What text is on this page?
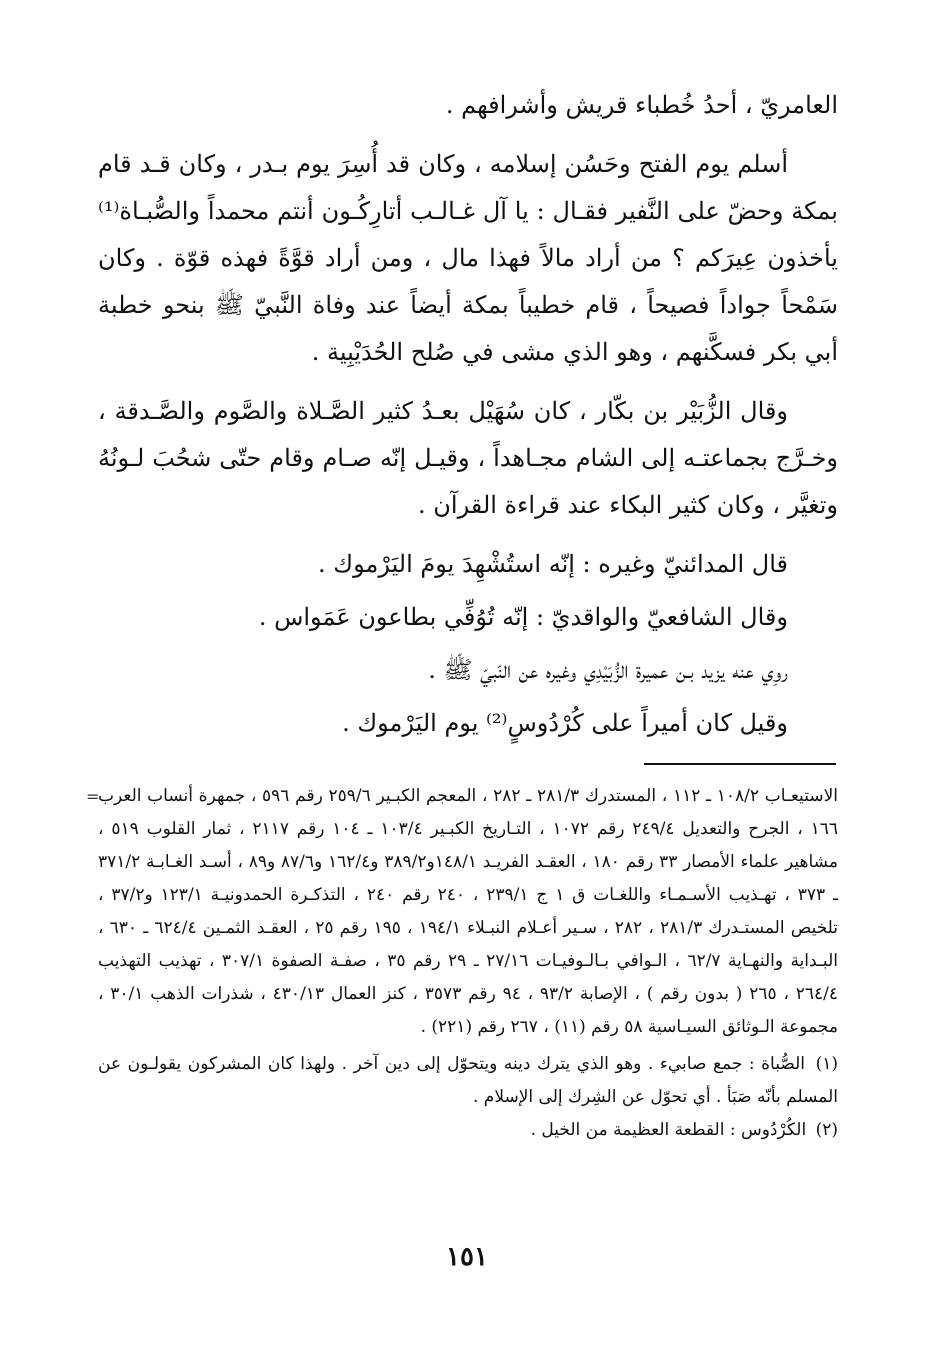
العامريّ ، أحدُ خُطباء قريش وأشرافهم .

أسلم يوم الفتح وحَسُن إسلامه ، وكان قد أُسِرَ يوم بـدر ، وكان قـد قام بمكة وحضّ على النَّفير فقـال : يا آل غـالـب أتارِكُـون أنتم محمداً والصُّبـاة⁽¹⁾ يأخذون عِيرَكم ؟ من أراد مالاً فهذا مال ، ومن أراد قوَّةً فهذه قوّة . وكان سَمْحاً جواداً فصيحاً ، قام خطيباً بمكة أيضاً عند وفاة النَّبيّ ﷺ بنحو خطبة أبي بكر فسكَّنهم ، وهو الذي مشى في صُلح الحُدَيْبِية .

وقال الزُّبَيْر بن بكّار ، كان سُهَيْل بعـدُ كثير الصَّـلاة والصَّوم والصَّـدقة ، وخـرَّج بجماعتـه إلى الشام مجـاهداً ، وقيـل إنّه صـام وقام حتّى شحُبَ لـونُهُ وتغيَّر ، وكان كثير البكاء عند قراءة القرآن .

قال المدائنيّ وغيره : إنّه استُشْهِدَ يومَ اليَرْموك .

وقال الشافعيّ والواقديّ : إنّه تُوُفِّي بطاعون عَمَواس .

روِي عنه يزيد بـن عميرة الزُّبَيْدِي وغيره عن النّبيّ ﷺ .

وقيل كان أميراً على كُرْدُوسٍ⁽²⁾ يوم اليَرْموك .

=

الاستيعـاب ١٠٨/٢ ـ ١١٢ ، المستدرك ٢٨١/٣ ـ ٢٨٢ ، المعجم الكبـير ٢٥٩/٦ رقم ٥٩٦ ، جمهرة أنساب العرب ١٦٦ ، الجرح والتعديل ٢٤٩/٤ رقم ١٠٧٢ ، التـاريخ الكبـير ١٠٣/٤ ـ ١٠٤ رقم ٢١١٧ ، ثمار القلوب ٥١٩ ، مشاهير علماء الأمصار ٣٣ رقم ١٨٠ ، العقـد الفريـد ١٤٨/١و٣٨٩/٢ و١٦٢/٤ و٨٧/٦ و٨٩ ، أسـد الغـابـة ٣٧١/٢ ـ ٣٧٣ ، تهـذيب الأسـمـاء واللغـات ق ١ ج ٢٣٩/١ ، ٢٤٠ رقم ٢٤٠ ، التذكـرة الحمدونيـة ١٢٣/١ و٣٧/٢ ، تلخيص المستـدرك ٢٨١/٣ ، ٢٨٢ ، سـير أعـلام النبـلاء ١٩٤/١ ، ١٩٥ رقم ٢٥ ، العقـد الثمـين ٦٢٤/٤ ـ ٦٣٠ ، البـداية والنهـاية ٦٢/٧ ، الـوافي بـالـوفيـات ٢٧/١٦ ـ ٢٩ رقم ٣٥ ، صفـة الصفوة ٣٠٧/١ ، تهذيب التهذيب ٢٦٤/٤ ، ٢٦٥ ( بدون رقم ) ، الإصابة ٩٣/٢ ، ٩٤ رقم ٣٥٧٣ ، كنز العمال ٤٣٠/١٣ ، شذرات الذهب ٣٠/١ ، مجموعة الـوثائق السيـاسية ٥٨ رقم (١١) ، ٢٦٧ رقم (٢٢١) .

(١) الصُّباة : جمع صابيء . وهو الذي يترك دينه ويتحوّل إلى دين آخر . ولهذا كان المشركون يقولـون عن المسلم بأنّه صَبَأ . أي تحوّل عن الشِرك إلى الإسلام .

(٢) الكُرْدُوس : القطعة العظيمة من الخيل .

١٥١
